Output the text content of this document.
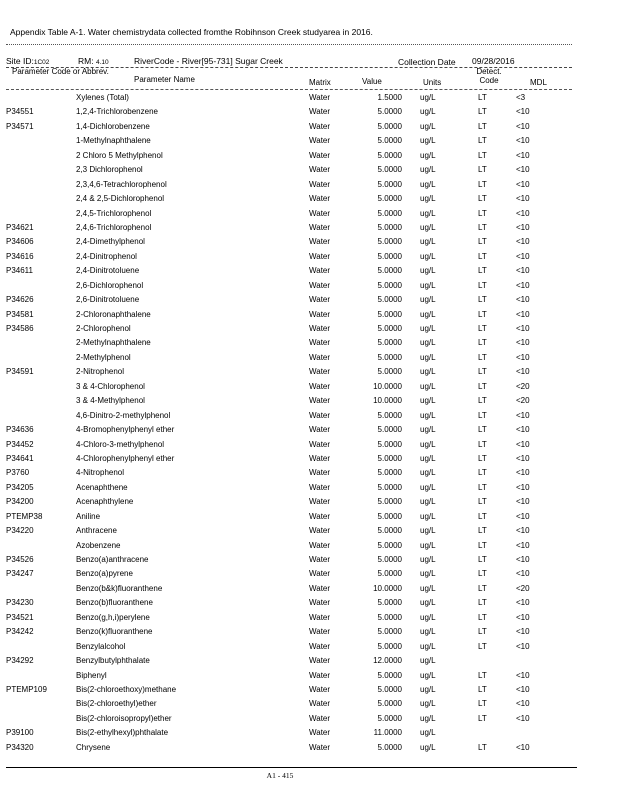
Appendix Table A-1. Water chemistrydata collected fromthe Robihnson Creek studyarea in 2016.
Site ID:1C02	RM: 4.10	RiverCode - River[95-731] Sugar Creek	Collection Date 09/28/2016
Parameter Code or Abbrev.
Parameter Name	Matrix	Value	Units
Detect. Code	MDL
Xylenes (Total)	Water	1.5000 ug/L	LT	<3
P34551	1,2,4-Trichlorobenzene	Water	5.0000 ug/L	LT	<10
P34571	1,4-Dichlorobenzene	Water	5.0000 ug/L	LT	<10
1-Methylnaphthalene	Water	5.0000 ug/L	LT	<10
2 Chloro 5 Methylphenol	Water	5.0000 ug/L	LT	<10
2,3 Dichlorophenol	Water	5.0000 ug/L	LT	<10
2,3,4,6-Tetrachlorophenol	Water	5.0000 ug/L	LT	<10
2,4 & 2,5-Dichlorophenol	Water	5.0000 ug/L	LT	<10
2,4,5-Trichlorophenol	Water	5.0000 ug/L	LT	<10
P34621	2,4,6-Trichlorophenol	Water	5.0000 ug/L	LT	<10
P34606	2,4-Dimethylphenol	Water	5.0000 ug/L	LT	<10
P34616	2,4-Dinitrophenol	Water	5.0000 ug/L	LT	<10
P34611	2,4-Dinitrotoluene	Water	5.0000 ug/L	LT	<10
2,6-Dichlorophenol	Water	5.0000 ug/L	LT	<10
P34626	2,6-Dinitrotoluene	Water	5.0000 ug/L	LT	<10
P34581	2-Chloronaphthalene	Water	5.0000 ug/L	LT	<10
P34586	2-Chlorophenol	Water	5.0000 ug/L	LT	<10
2-Methylnaphthalene	Water	5.0000 ug/L	LT	<10
2-Methylphenol	Water	5.0000 ug/L	LT	<10
P34591	2-Nitrophenol	Water	5.0000 ug/L	LT	<10
3 & 4-Chlorophenol	Water	10.0000 ug/L	LT	<20
3 & 4-Methylphenol	Water	10.0000 ug/L	LT	<20
4,6-Dinitro-2-methylphenol	Water	5.0000 ug/L	LT	<10
P34636	4-Bromophenylphenyl ether	Water	5.0000 ug/L	LT	<10
P34452	4-Chloro-3-methylphenol	Water	5.0000 ug/L	LT	<10
P34641	4-Chlorophenylphenyl ether	Water	5.0000 ug/L	LT	<10
P3760	4-Nitrophenol	Water	5.0000 ug/L	LT	<10
P34205	Acenaphthene	Water	5.0000 ug/L	LT	<10
P34200	Acenaphthylene	Water	5.0000 ug/L	LT	<10
PTEMP38	Aniline	Water	5.0000 ug/L	LT	<10
P34220	Anthracene	Water	5.0000 ug/L	LT	<10
Azobenzene	Water	5.0000 ug/L	LT	<10
P34526	Benzo(a)anthracene	Water	5.0000 ug/L	LT	<10
P34247	Benzo(a)pyrene	Water	5.0000 ug/L	LT	<10
Benzo(b&k)fluoranthene	Water	10.0000 ug/L	LT	<20
P34230	Benzo(b)fluoranthene	Water	5.0000 ug/L	LT	<10
P34521	Benzo(g,h,i)perylene	Water	5.0000 ug/L	LT	<10
P34242	Benzo(k)fluoranthene	Water	5.0000 ug/L	LT	<10
Benzylalcohol	Water	5.0000 ug/L	LT	<10
P34292	Benzylbutylphthalate	Water	12.0000 ug/L
Biphenyl	Water	5.0000 ug/L	LT	<10
PTEMP109	Bis(2-chloroethoxy)methane	Water	5.0000 ug/L	LT	<10
Bis(2-chloroethyl)ether	Water	5.0000 ug/L	LT	<10
Bis(2-chloroisopropyl)ether	Water	5.0000 ug/L	LT	<10
P39100	Bis(2-ethylhexyl)phthalate	Water	11.0000 ug/L
P34320	Chrysene	Water	5.0000 ug/L	LT	<10
A1 - 415
